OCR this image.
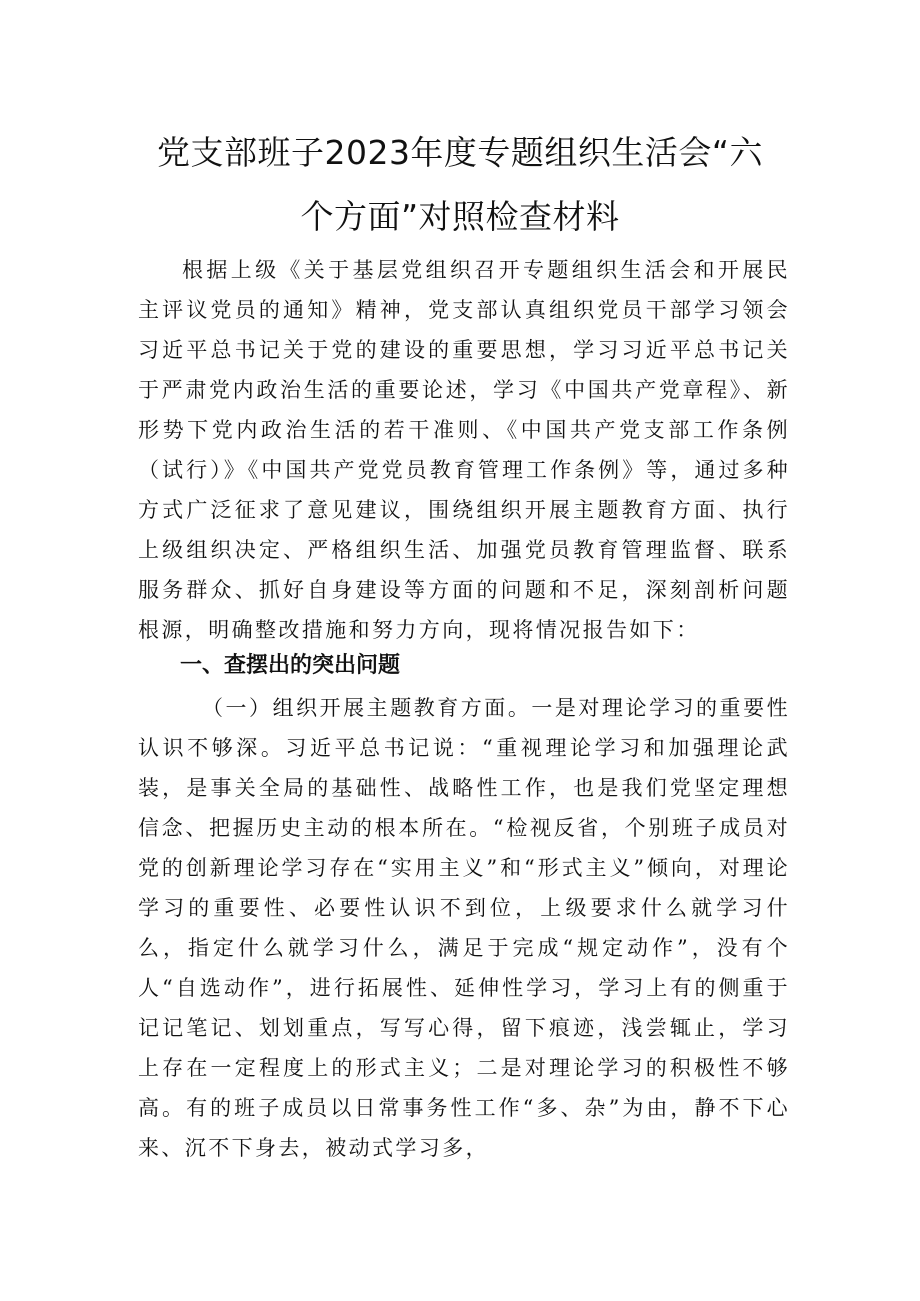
党支部班子2023年度专题组织生活会“六
个方面”对照检查材料

根据上级《关于基层党组织召开专题组织生活会和开展民主评议党员的通知》精神，党支部认真组织党员干部学习领会习近平总书记关于党的建设的重要思想，学习习近平总书记关于严肃党内政治生活的重要论述，学习《中国共产党章程》、新形势下党内政治生活的若干准则、《中国共产党支部工作条例（试行）》《中国共产党党员教育管理工作条例》等，通过多种方式广泛征求了意见建议，围绕组织开展主题教育方面、执行上级组织决定、严格组织生活、加强党员教育管理监督、联系服务群众、抓好自身建设等方面的问题和不足，深刻剖析问题根源，明确整改措施和努力方向，现将情况报告如下：

一、查摆出的突出问题

（一）组织开展主题教育方面。一是对理论学习的重要性认识不够深。习近平总书记说：“重视理论学习和加强理论武装，是事关全局的基础性、战略性工作，也是我们党坚定理想信念、把握历史主动的根本所在。“检视反省，个别班子成员对党的创新理论学习存在“实用主义”和“形式主义”倾向，对理论学习的重要性、必要性认识不到位，上级要求什么就学习什么，指定什么就学习什么，满足于完成“规定动作”，没有个人“自选动作”，进行拓展性、延伸性学习，学习上有的侧重于记记笔记、划划重点，写写心得，留下痕迹，浅尝辄止，学习上存在一定程度上的形式主义；二是对理论学习的积极性不够高。有的班子成员以日常事务性工作“多、杂”为由，静不下心来、沉不下身去，被动式学习多，
